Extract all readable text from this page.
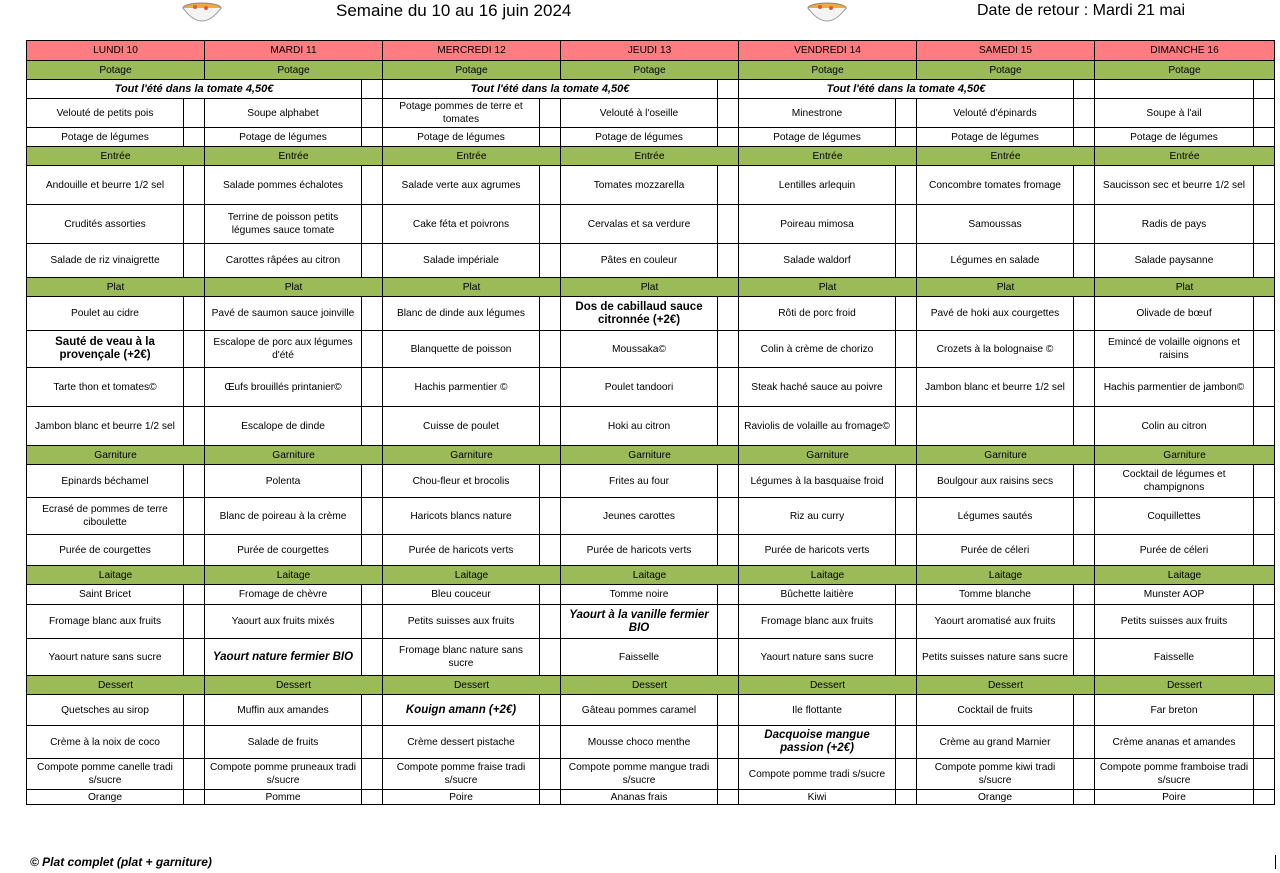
Semaine du 10 au 16 juin 2024	Date de retour : Mardi 21 mai
LUNDI 10	MARDI 11	MERCREDI 12	JEUDI 13	VENDREDI 14	SAMEDI 15	DIMANCHE 16
Potage	Potage	Potage	Potage	Potage	Potage	Potage

Tout l'été dans la tomate 4,50€		Tout l'été dans la tomate 4,50€		Tout l'été dans la tomate 4,50€		

Velouté de petits pois	Soupe alphabet	Potage pommes de terre et tomates	Velouté à l'oseille	Minestrone	Velouté d'épinards	Soupe à l'ail

Potage de légumes	Potage de légumes	Potage de légumes	Potage de légumes	Potage de légumes	Potage de légumes	Potage de légumes

Entrée	Entrée	Entrée	Entrée	Entrée	Entrée	Entrée

Andouille et beurre 1/2 sel	Salade pommes échalotes	Salade verte aux agrumes	Tomates mozzarella	Lentilles arlequin	Concombre tomates fromage	Saucisson sec et beurre 1/2 sel

Crudités assorties	Terrine de poisson petits légumes sauce tomate	Cake féta et poivrons	Cervalas et sa verdure	Poireau mimosa	Samoussas	Radis de pays

Salade de riz vinaigrette	Carottes râpées au citron	Salade impériale	Pâtes en couleur	Salade waldorf	Légumes en salade	Salade paysanne

Plat	Plat	Plat	Plat	Plat	Plat	Plat

Poulet au cidre	Pavé de saumon sauce joinville	Blanc de dinde aux légumes	Dos de cabillaud sauce citronnée (+2€)	Rôti de porc froid	Pavé de hoki aux courgettes	Olivade de bœuf

Sauté de veau à la provençale (+2€)	Escalope de porc aux légumes d'été	Blanquette de poisson	Moussaka©	Colin à crème de chorizo	Crozets à la bolognaise ©	Emincé de volaille oignons et raisins

Tarte thon et tomates©	Œufs brouillés printanier©	Hachis parmentier ©	Poulet tandoori	Steak haché sauce au poivre	Jambon blanc et beurre 1/2 sel	Hachis parmentier de jambon©

Jambon blanc et beurre 1/2 sel	Escalope de dinde	Cuisse de poulet	Hoki au citron	Raviolis de volaille au fromage©		Colin au citron

Garniture	Garniture	Garniture	Garniture	Garniture	Garniture	Garniture

Epinards béchamel	Polenta	Chou-fleur et brocolis	Frites au four	Légumes à la basquaise froid	Boulgour aux raisins secs	Cocktail de légumes et champignons

Ecrasé de pommes de terre ciboulette	Blanc de poireau à la crème	Haricots blancs nature	Jeunes carottes	Riz au curry	Légumes sautés	Coquillettes

Purée de courgettes	Purée de courgettes	Purée de haricots verts	Purée de haricots verts	Purée de haricots verts	Purée de céleri	Purée de céleri

Laitage	Laitage	Laitage	Laitage	Laitage	Laitage	Laitage

Saint Bricet	Fromage de chèvre	Bleu couceur	Tomme noire	Bûchette laitière	Tomme blanche	Munster AOP

Fromage blanc aux fruits	Yaourt aux fruits mixés	Petits suisses aux fruits	Yaourt à la vanille fermier BIO	Fromage blanc aux fruits	Yaourt aromatisé aux fruits	Petits suisses aux fruits

Yaourt nature sans sucre	Yaourt nature fermier BIO	Fromage blanc nature sans sucre	Faisselle	Yaourt nature sans sucre	Petits suisses nature sans sucre	Faisselle

Dessert	Dessert	Dessert	Dessert	Dessert	Dessert	Dessert

Quetsches au sirop	Muffin aux amandes	Kouign amann (+2€)	Gâteau pommes caramel	Ile flottante	Cocktail de fruits	Far breton

Crème à la noix de coco	Salade de fruits	Crème dessert pistache	Mousse choco menthe	Dacquoise mangue passion (+2€)	Crème au grand Marnier	Crème ananas et amandes

Compote pomme canelle tradi s/sucre	Compote pomme pruneaux tradi s/sucre	Compote pomme fraise tradi s/sucre	Compote pomme mangue tradi s/sucre	Compote pomme tradi s/sucre	Compote pomme kiwi tradi s/sucre	Compote pomme framboise tradi s/sucre

Orange	Pomme	Poire	Ananas frais	Kiwi	Orange	Poire
© Plat complet (plat + garniture)
